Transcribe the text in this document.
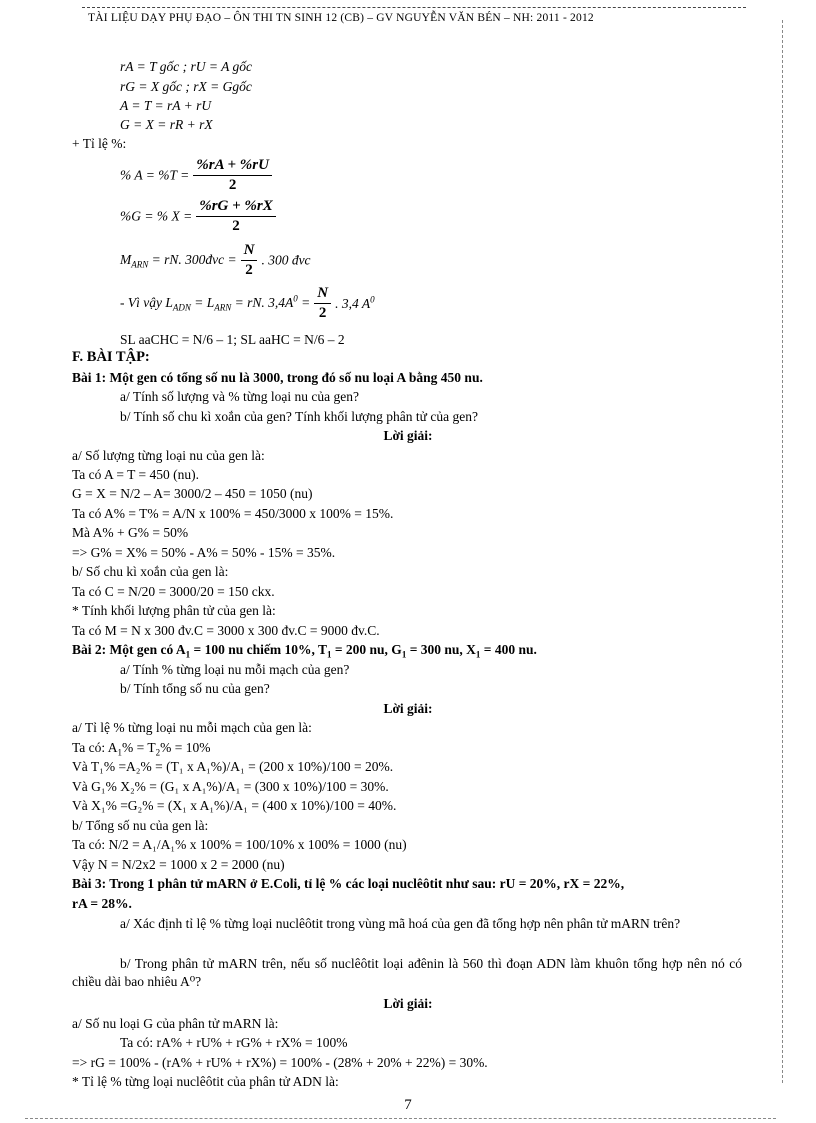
TÀI LIỆU DẠY PHỤ ĐẠO – ÔN THI TN SINH 12 (CB) – GV NGUYỄN VĂN BÉN – NH: 2011 - 2012
rA = T gốc ; rU = A gốc
rG = X gốc ; rX = Ggốc
A = T = rA + rU
G = X = rR + rX
+ Tỉ lệ %:
% $A = \%T = \frac{\%rA + \%rU}{2}$
%G = % $X = \frac{\%rG + \%rX}{2}$
$M_{ARN}$ = rN. 300đvc = $\frac{N}{2}$ . 300 đvc
- Vì vậy $L_{ADN} = L_{ARN}$ = rN. $3,4A^0 = \frac{N}{2}$ . 3,4 $A^0$
SL aaCHC = N/6 – 1; SL aaHC = N/6 – 2
F. BÀI TẬP:
Bài 1: Một gen có tổng số nu là 3000, trong đó số nu loại A bằng 450 nu.
a/ Tính số lượng và % từng loại nu của gen?
b/ Tính số chu kì xoắn của gen? Tính khối lượng phân tử của gen?
Lời giải:
a/ Số lượng từng loại nu của gen là:
Ta có A = T = 450 (nu).
G = X = N/2 – A= 3000/2 – 450 = 1050 (nu)
Ta có A% = T% = A/N x 100% = 450/3000 x 100% = 15%.
Mà A% + G% = 50%
=> G% = X% = 50% - A% = 50% - 15% = 35%.
b/ Số chu kì xoắn của gen là:
Ta có C = N/20 = 3000/20 = 150 ckx.
* Tính khối lượng phân tử của gen là:
Ta có M = N x 300 đv.C = 3000 x 300 đv.C = 9000 đv.C.
Bài 2: Một gen có $A_1 = 100$ nu chiếm 10%, $T_1 = 200$ nu, $G_1 = 300$ nu, $X_1 = 400$ nu.
a/ Tính % từng loại nu mỗi mạch của gen?
b/ Tính tổng số nu của gen?
Lời giải:
a/ Tỉ lệ % từng loại nu mỗi mạch của gen là:
Ta có: $A_1\% = T_2\% = 10\%$
Và T₁% =A₂% = (T₁ x A₁%)/A₁ = (200 x 10%)/100 = 20%.
Và G₁% X₂% = (G₁ x A₁%)/A₁ = (300 x 10%)/100 = 30%.
Và X₁% =G₂% = (X₁ x A₁%)/A₁ = (400 x 10%)/100 = 40%.
b/ Tổng số nu của gen là:
Ta có: N/2 = A₁/A₁% x 100% = 100/10% x 100% = 1000 (nu)
Vậy N = N/2x2 = 1000 x 2 = 2000 (nu)
Bài 3: Trong 1 phân tử mARN ở E.Coli, tỉ lệ % các loại nuclêôtit như sau: rU = 20%, rX = 22%,
rA = 28%.
a/ Xác định tỉ lệ % từng loại nuclêôtit trong vùng mã hoá của gen đã tổng hợp nên phân tử mARN trên?
b/ Trong phân tử mARN trên, nếu số nuclêôtit loại ađênin là 560 thì đoạn ADN làm khuôn tổng hợp nên nó có chiều dài bao nhiêu A⁰?
Lời giải:
a/ Số nu loại G của phân tử mARN là:
Ta có: rA% + rU% + rG% + rX% = 100%
=> rG = 100% - (rA% + rU% + rX%) = 100% - (28% + 20% + 22%) = 30%.
* Tỉ lệ % từng loại nuclêôtit của phân tử ADN là:
7
